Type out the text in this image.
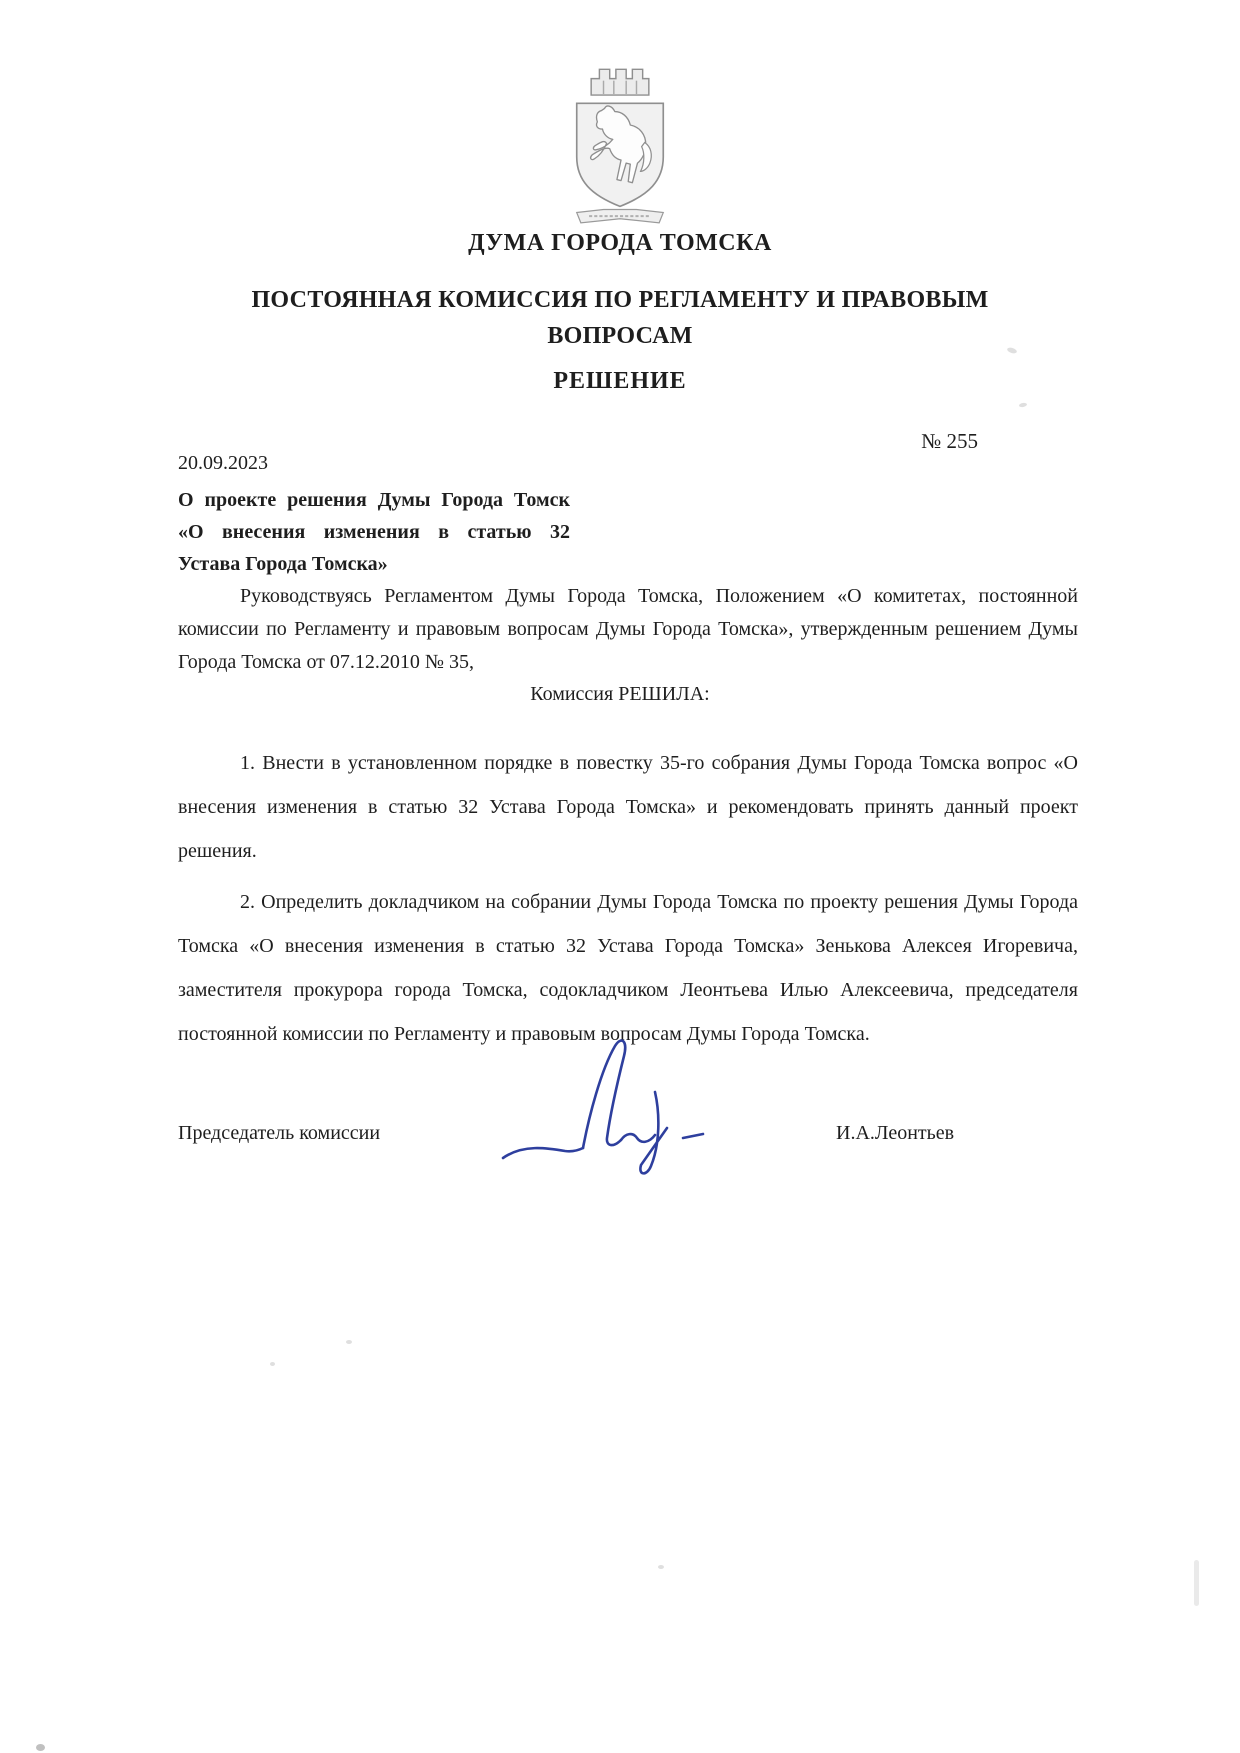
ДУМА ГОРОДА ТОМСКА
ПОСТОЯННАЯ КОМИССИЯ ПО РЕГЛАМЕНТУ И ПРАВОВЫМ ВОПРОСАМ
РЕШЕНИЕ
№ 255
20.09.2023
О проекте решения Думы Города Томск «О внесения изменения в статью 32 Устава Города Томска»
Руководствуясь Регламентом Думы Города Томска, Положением «О комитетах, постоянной комиссии по Регламенту и правовым вопросам Думы Города Томска», утвержденным решением Думы Города Томска от 07.12.2010 № 35,
Комиссия РЕШИЛА:

1. Внести в установленном порядке в повестку 35-го собрания Думы Города Томска вопрос «О внесения изменения в статью 32 Устава Города Томска» и рекомендовать принять данный проект решения.

2. Определить докладчиком на собрании Думы Города Томска по проекту решения Думы Города Томска «О внесения изменения в статью 32 Устава Города Томска» Зенькова Алексея Игоревича, заместителя прокурора города Томска, содокладчиком Леонтьева Илью Алексеевича, председателя постоянной комиссии по Регламенту и правовым вопросам Думы Города Томска.

Председатель комиссии	И.А.Леонтьев
